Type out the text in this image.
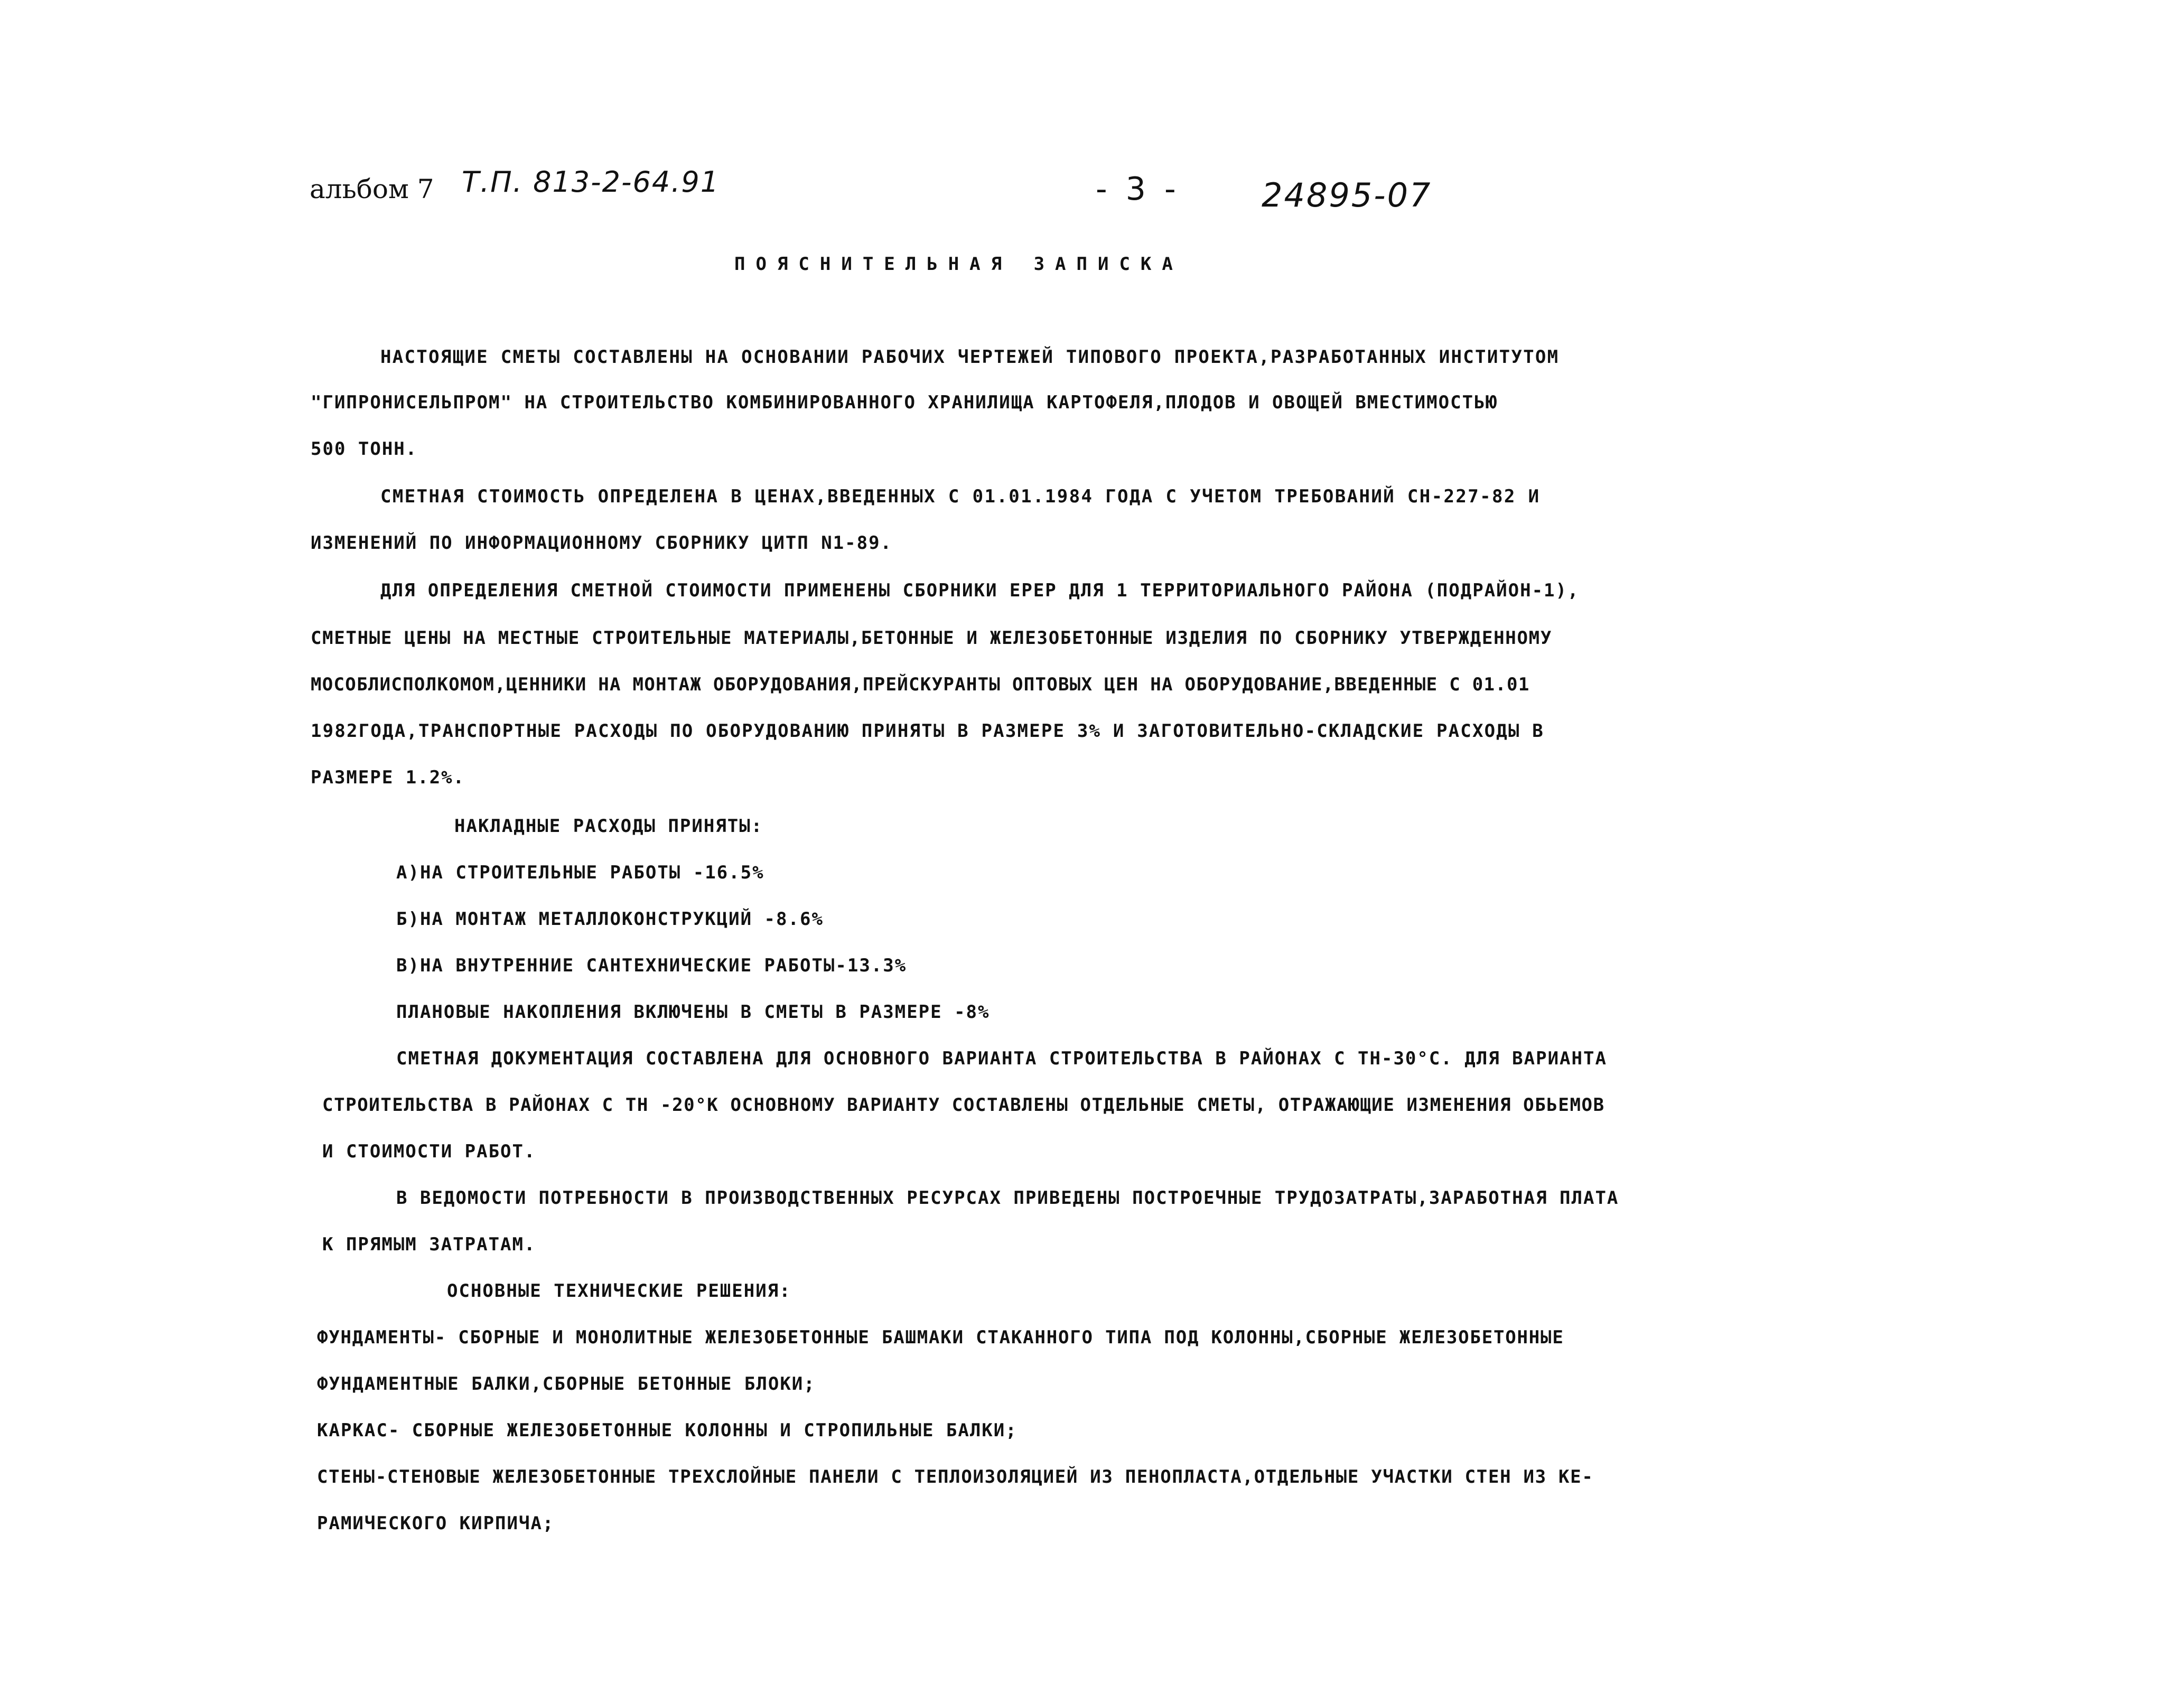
альбом 7 Т.П. 813-2-64.91	- 3 - 24895-07
ПОЯСНИТЕЛЬНАЯ ЗАПИСКА
НАСТОЯЩИЕ СМЕТЫ СОСТАВЛЕНЫ НА ОСНОВАНИИ РАБОЧИХ ЧЕРТЕЖЕЙ ТИПОВОГО ПРОЕКТА,РАЗРАБОТАННЫХ ИНСТИТУТОМ
"ГИПРОНИСЕЛЬПРОМ" НА СТРОИТЕЛЬСТВО КОМБИНИРОВАННОГО ХРАНИЛИЩА КАРТОФЕЛЯ,ПЛОДОВ И ОВОЩЕЙ ВМЕСТИМОСТЬЮ
500 ТОНН.
СМЕТНАЯ СТОИМОСТЬ ОПРЕДЕЛЕНА В ЦЕНАХ,ВВЕДЕННЫХ С 01.01.1984 ГОДА С УЧЕТОМ ТРЕБОВАНИЙ СН-227-82 И
ИЗМЕНЕНИЙ ПО ИНФОРМАЦИОННОМУ СБОРНИКУ ЦИТП N1-89.
ДЛЯ ОПРЕДЕЛЕНИЯ СМЕТНОЙ СТОИМОСТИ ПРИМЕНЕНЫ СБОРНИКИ ЕРЕР ДЛЯ 1 ТЕРРИТОРИАЛЬНОГО РАЙОНА (ПОДРАЙОН-1),
СМЕТНЫЕ ЦЕНЫ НА МЕСТНЫЕ СТРОИТЕЛЬНЫЕ МАТЕРИАЛЫ,БЕТОННЫЕ И ЖЕЛЕЗОБЕТОННЫЕ ИЗДЕЛИЯ ПО СБОРНИКУ УТВЕРЖДЕННОМУ
МОСОБЛИСПОЛКОМОМ,ЦЕННИКИ НА МОНТАЖ ОБОРУДОВАНИЯ,ПРЕЙСКУРАНТЫ ОПТОВЫХ ЦЕН НА ОБОРУДОВАНИЕ,ВВЕДЕННЫЕ С 01.01
1982ГОДА,ТРАНСПОРТНЫЕ РАСХОДЫ ПО ОБОРУДОВАНИЮ ПРИНЯТЫ В РАЗМЕРЕ 3% И ЗАГОТОВИТЕЛЬНО-СКЛАДСКИЕ РАСХОДЫ В
РАЗМЕРЕ 1.2%.
НАКЛАДНЫЕ РАСХОДЫ ПРИНЯТЫ:
А)НА СТРОИТЕЛЬНЫЕ РАБОТЫ -16.5%
Б)НА МОНТАЖ МЕТАЛЛОКОНСТРУКЦИЙ -8.6%
В)НА ВНУТРЕННИЕ САНТЕХНИЧЕСКИЕ РАБОТЫ-13.3%
ПЛАНОВЫЕ НАКОПЛЕНИЯ ВКЛЮЧЕНЫ В СМЕТЫ В РАЗМЕРЕ -8%
СМЕТНАЯ ДОКУМЕНТАЦИЯ СОСТАВЛЕНА ДЛЯ ОСНОВНОГО ВАРИАНТА СТРОИТЕЛЬСТВА В РАЙОНАХ С ТН-30°С. ДЛЯ ВАРИАНТА
СТРОИТЕЛЬСТВА В РАЙОНАХ С ТН -20°К ОСНОВНОМУ ВАРИАНТУ СОСТАВЛЕНЫ ОТДЕЛЬНЫЕ СМЕТЫ, ОТРАЖАЮЩИЕ ИЗМЕНЕНИЯ ОБЬЕМОВ
И СТОИМОСТИ РАБОТ.
В ВЕДОМОСТИ ПОТРЕБНОСТИ В ПРОИЗВОДСТВЕННЫХ РЕСУРСАХ ПРИВЕДЕНЫ ПОСТРОЕЧНЫЕ ТРУДОЗАТРАТЫ,ЗАРАБОТНАЯ ПЛАТА
К ПРЯМЫМ ЗАТРАТАМ.
ОСНОВНЫЕ ТЕХНИЧЕСКИЕ РЕШЕНИЯ:
ФУНДАМЕНТЫ- СБОРНЫЕ И МОНОЛИТНЫЕ ЖЕЛЕЗОБЕТОННЫЕ БАШМАКИ СТАКАННОГО ТИПА ПОД КОЛОННЫ,СБОРНЫЕ ЖЕЛЕЗОБЕТОННЫЕ
ФУНДАМЕНТНЫЕ БАЛКИ,СБОРНЫЕ БЕТОННЫЕ БЛОКИ;
КАРКАС- СБОРНЫЕ ЖЕЛЕЗОБЕТОННЫЕ КОЛОННЫ И СТРОПИЛЬНЫЕ БАЛКИ;
СТЕНЫ-СТЕНОВЫЕ ЖЕЛЕЗОБЕТОННЫЕ ТРЕХСЛОЙНЫЕ ПАНЕЛИ С ТЕПЛОИЗОЛЯЦИЕЙ ИЗ ПЕНОПЛАСТА,ОТДЕЛЬНЫЕ УЧАСТКИ СТЕН ИЗ КЕ-
РАМИЧЕСКОГО КИРПИЧА;
